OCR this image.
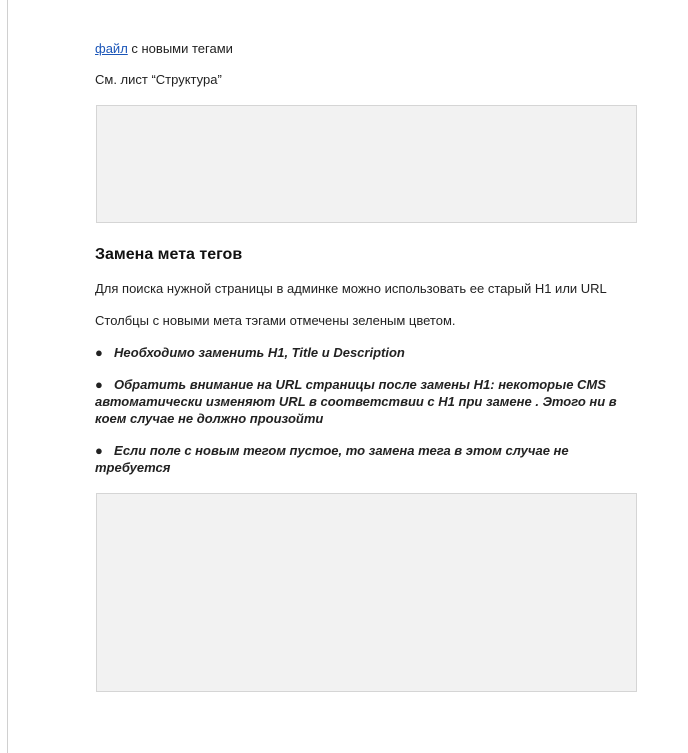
файл с новыми тегами
См. лист “Структура”
Замена мета тегов
Для поиска нужной страницы в админке можно использовать ее старый Н1 или URL
Столбцы с новыми мета тэгами отмечены зеленым цветом.
● Необходимо заменить H1, Title и Description
● Обратить внимание на URL страницы после замены H1: некоторые CMS автоматически изменяют URL в соответствии с Н1 при замене . Этого ни в коем случае не должно произойти
● Если поле с новым тегом пустое, то замена тега в этом случае не требуется
